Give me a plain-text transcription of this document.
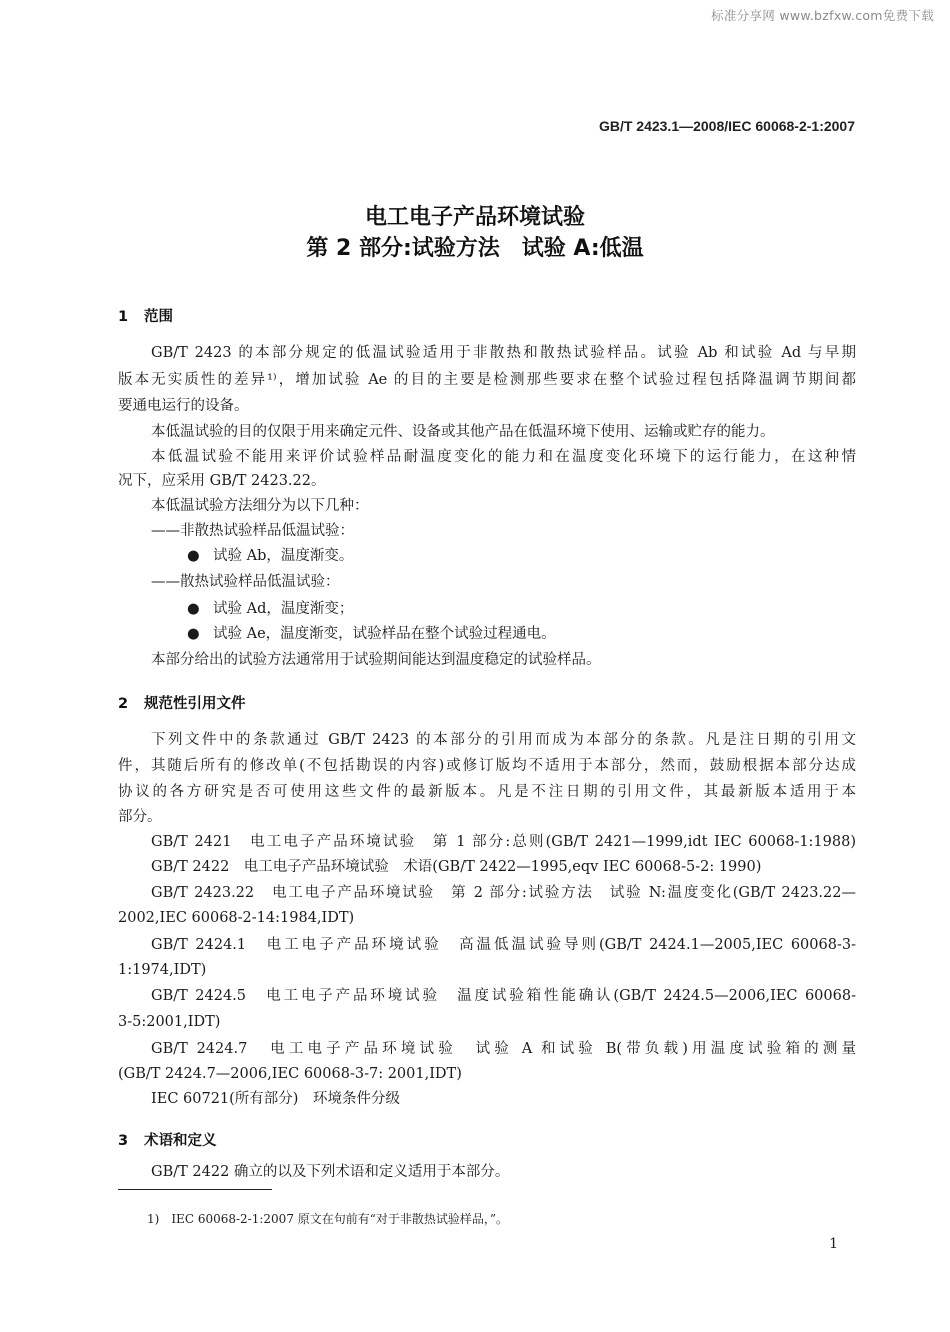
标准分享网 www.bzfxw.com免费下载
GB/T 2423.1—2008/IEC 60068-2-1:2007
电工电子产品环境试验
第 2 部分:试验方法　试验 A:低温
1 范围
GB/T 2423 的本部分规定的低温试验适用于非散热和散热试验样品。试验 Ab 和试验 Ad 与早期
版本无实质性的差异¹⁾，增加试验 Ae 的目的主要是检测那些要求在整个试验过程包括降温调节期间都
要通电运行的设备。
本低温试验的目的仅限于用来确定元件、设备或其他产品在低温环境下使用、运输或贮存的能力。
本低温试验不能用来评价试验样品耐温度变化的能力和在温度变化环境下的运行能力，在这种情
况下，应采用 GB/T 2423.22。
本低温试验方法细分为以下几种：
——非散热试验样品低温试验：
● 试验 Ab，温度渐变。
——散热试验样品低温试验：
● 试验 Ad，温度渐变；
● 试验 Ae，温度渐变，试验样品在整个试验过程通电。
本部分给出的试验方法通常用于试验期间能达到温度稳定的试验样品。
2 规范性引用文件
下列文件中的条款通过 GB/T 2423 的本部分的引用而成为本部分的条款。凡是注日期的引用文
件，其随后所有的修改单(不包括勘误的内容)或修订版均不适用于本部分，然而，鼓励根据本部分达成
协议的各方研究是否可使用这些文件的最新版本。凡是不注日期的引用文件，其最新版本适用于本
部分。
GB/T 2421　电工电子产品环境试验　第 1 部分:总则(GB/T 2421—1999,idt IEC 60068-1:1988)
GB/T 2422　电工电子产品环境试验　术语(GB/T 2422—1995,eqv IEC 60068-5-2: 1990)
GB/T 2423.22　电工电子产品环境试验　第 2 部分:试验方法　试验 N:温度变化(GB/T 2423.22—
2002,IEC 60068-2-14:1984,IDT)
GB/T 2424.1　电工电子产品环境试验　高温低温试验导则(GB/T 2424.1—2005,IEC 60068-3-
1:1974,IDT)
GB/T 2424.5　电工电子产品环境试验　温度试验箱性能确认(GB/T 2424.5—2006,IEC 60068-
3-5:2001,IDT)
GB/T 2424.7　电工电子产品环境试验　试验 A 和试验 B(带负载)用温度试验箱的测量
(GB/T 2424.7—2006,IEC 60068-3-7: 2001,IDT)
IEC 60721(所有部分)　环境条件分级
3 术语和定义
GB/T 2422 确立的以及下列术语和定义适用于本部分。
1)　IEC 60068-2-1:2007 原文在句前有“对于非散热试验样品，”。
1
